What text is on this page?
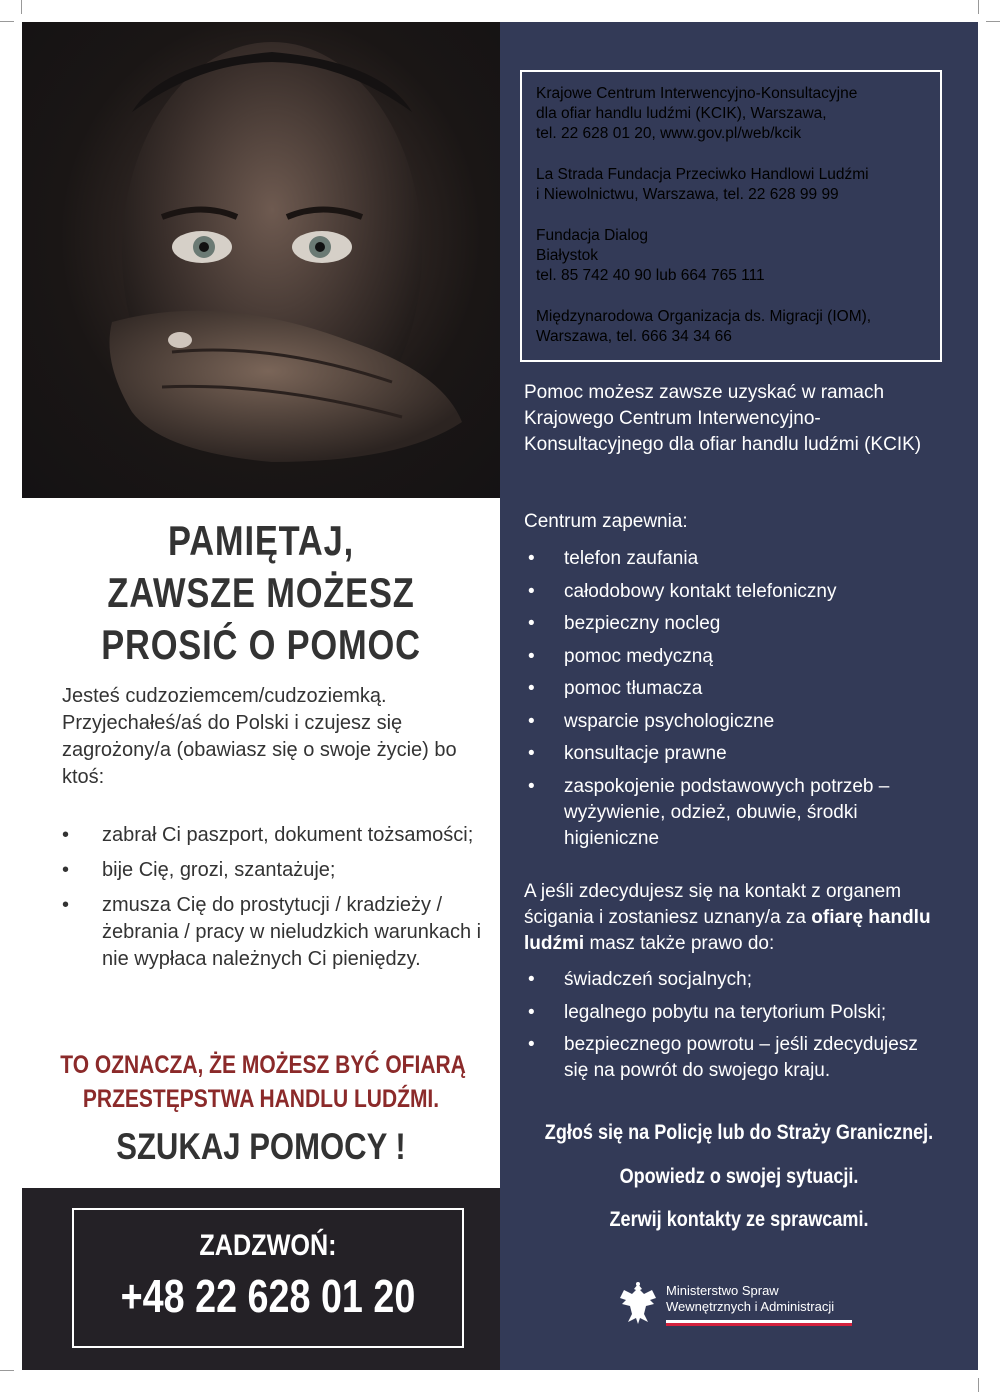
PAMIĘTAJ,
ZAWSZE MOŻESZ
PROSIĆ O POMOC
Jesteś cudzoziemcem/cudzoziemką. Przyjechałeś/aś do Polski i czujesz się zagrożony/a (obawiasz się o swoje życie) bo ktoś:
• zabrał Ci paszport, dokument tożsamości;
• bije Cię, grozi, szantażuje;
• zmusza Cię do prostytucji / kradzieży / żebrania / pracy w nieludzkich warunkach i nie wypłaca należnych Ci pieniędzy.
TO OZNACZA, ŻE MOŻESZ BYĆ OFIARĄ
PRZESTĘPSTWA HANDLU LUDŹMI.
SZUKAJ POMOCY !
ZADZWOŃ:
+48 22 628 01 20
Krajowe Centrum Interwencyjno-Konsultacyjne
dla ofiar handlu ludźmi (KCIK), Warszawa,
tel. 22 628 01 20, www.gov.pl/web/kcik
La Strada Fundacja Przeciwko Handlowi Ludźmi
i Niewolnictwu, Warszawa, tel. 22 628 99 99
Fundacja Dialog
Białystok
tel. 85 742 40 90 lub 664 765 111
Międzynarodowa Organizacja ds. Migracji (IOM),
Warszawa, tel. 666 34 34 66
Pomoc możesz zawsze uzyskać w ramach Krajowego Centrum Interwencyjno-Konsultacyjnego dla ofiar handlu ludźmi (KCIK)
Centrum zapewnia:
• telefon zaufania
• całodobowy kontakt telefoniczny
• bezpieczny nocleg
• pomoc medyczną
• pomoc tłumacza
• wsparcie psychologiczne
• konsultacje prawne
• zaspokojenie podstawowych potrzeb – wyżywienie, odzież, obuwie, środki higieniczne
A jeśli zdecydujesz się na kontakt z organem ścigania i zostaniesz uznany/a za ofiarę handlu ludźmi masz także prawo do:
• świadczeń socjalnych;
• legalnego pobytu na terytorium Polski;
• bezpiecznego powrotu – jeśli zdecydujesz się na powrót do swojego kraju.
Zgłoś się na Policję lub do Straży Granicznej.
Opowiedz o swojej sytuacji.
Zerwij kontakty ze sprawcami.
Ministerstwo Spraw
Wewnętrznych i Administracji
